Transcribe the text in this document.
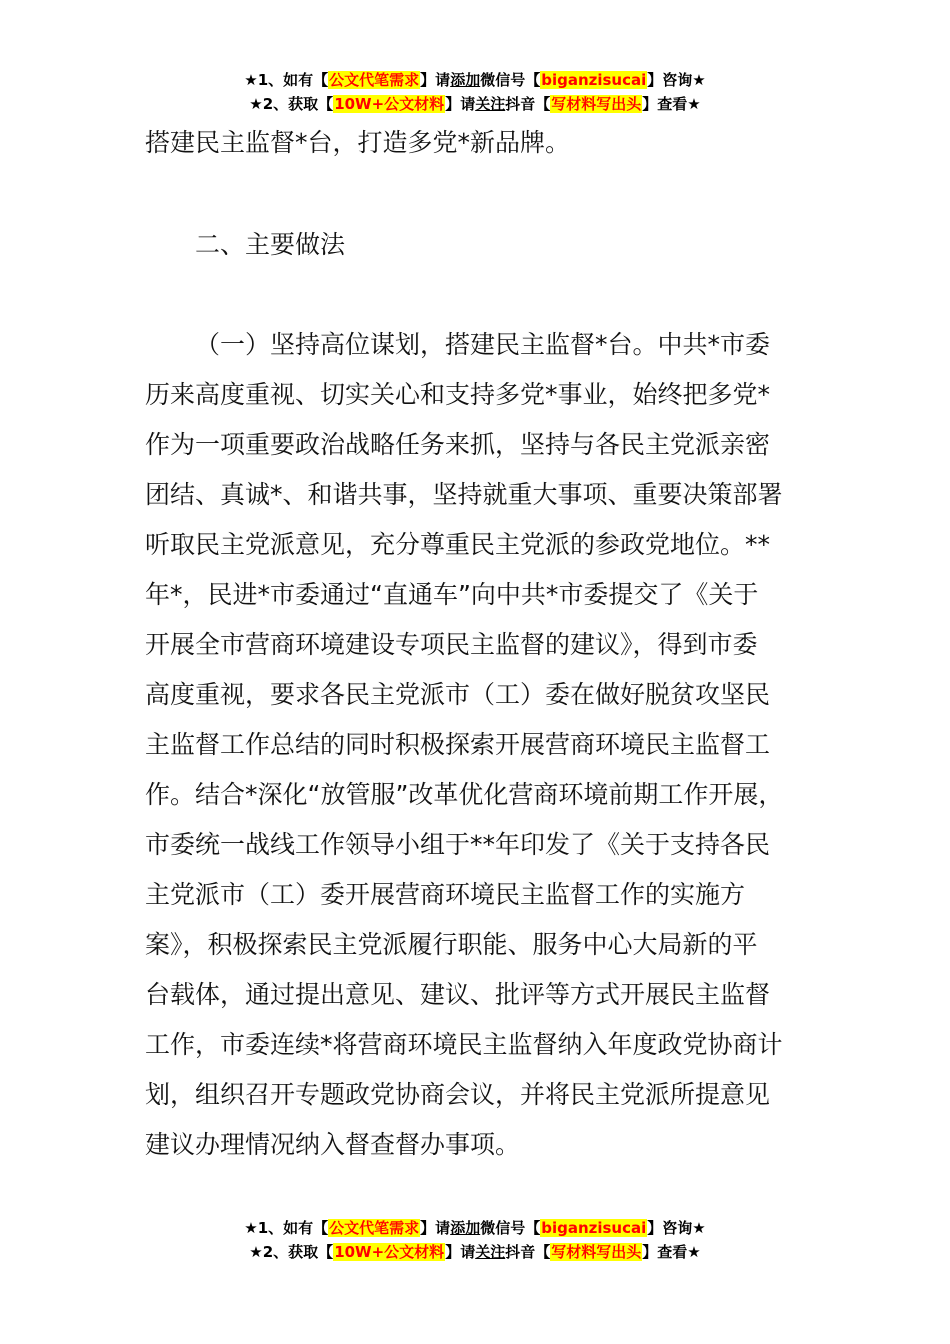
★1、如有【公文代笔需求】请添加微信号【biganzisucai】咨询★
★2、获取【10W+公文材料】请关注抖音【写材料写出头】查看★
搭建民主监督*台，打造多党*新品牌。
二、主要做法
（一）坚持高位谋划，搭建民主监督*台。中共*市委
历来高度重视、切实关心和支持多党*事业，始终把多党*
作为一项重要政治战略任务来抓，坚持与各民主党派亲密
团结、真诚*、和谐共事，坚持就重大事项、重要决策部署
听取民主党派意见，充分尊重民主党派的参政党地位。**
年*，民进*市委通过“直通车”向中共*市委提交了《关于
开展全市营商环境建设专项民主监督的建议》，得到市委
高度重视，要求各民主党派市（工）委在做好脱贫攻坚民
主监督工作总结的同时积极探索开展营商环境民主监督工
作。结合*深化“放管服”改革优化营商环境前期工作开展，
市委统一战线工作领导小组于**年印发了《关于支持各民
主党派市（工）委开展营商环境民主监督工作的实施方
案》，积极探索民主党派履行职能、服务中心大局新的平
台载体，通过提出意见、建议、批评等方式开展民主监督
工作，市委连续*将营商环境民主监督纳入年度政党协商计
划，组织召开专题政党协商会议，并将民主党派所提意见
建议办理情况纳入督查督办事项。
★1、如有【公文代笔需求】请添加微信号【biganzisucai】咨询★
★2、获取【10W+公文材料】请关注抖音【写材料写出头】查看★
